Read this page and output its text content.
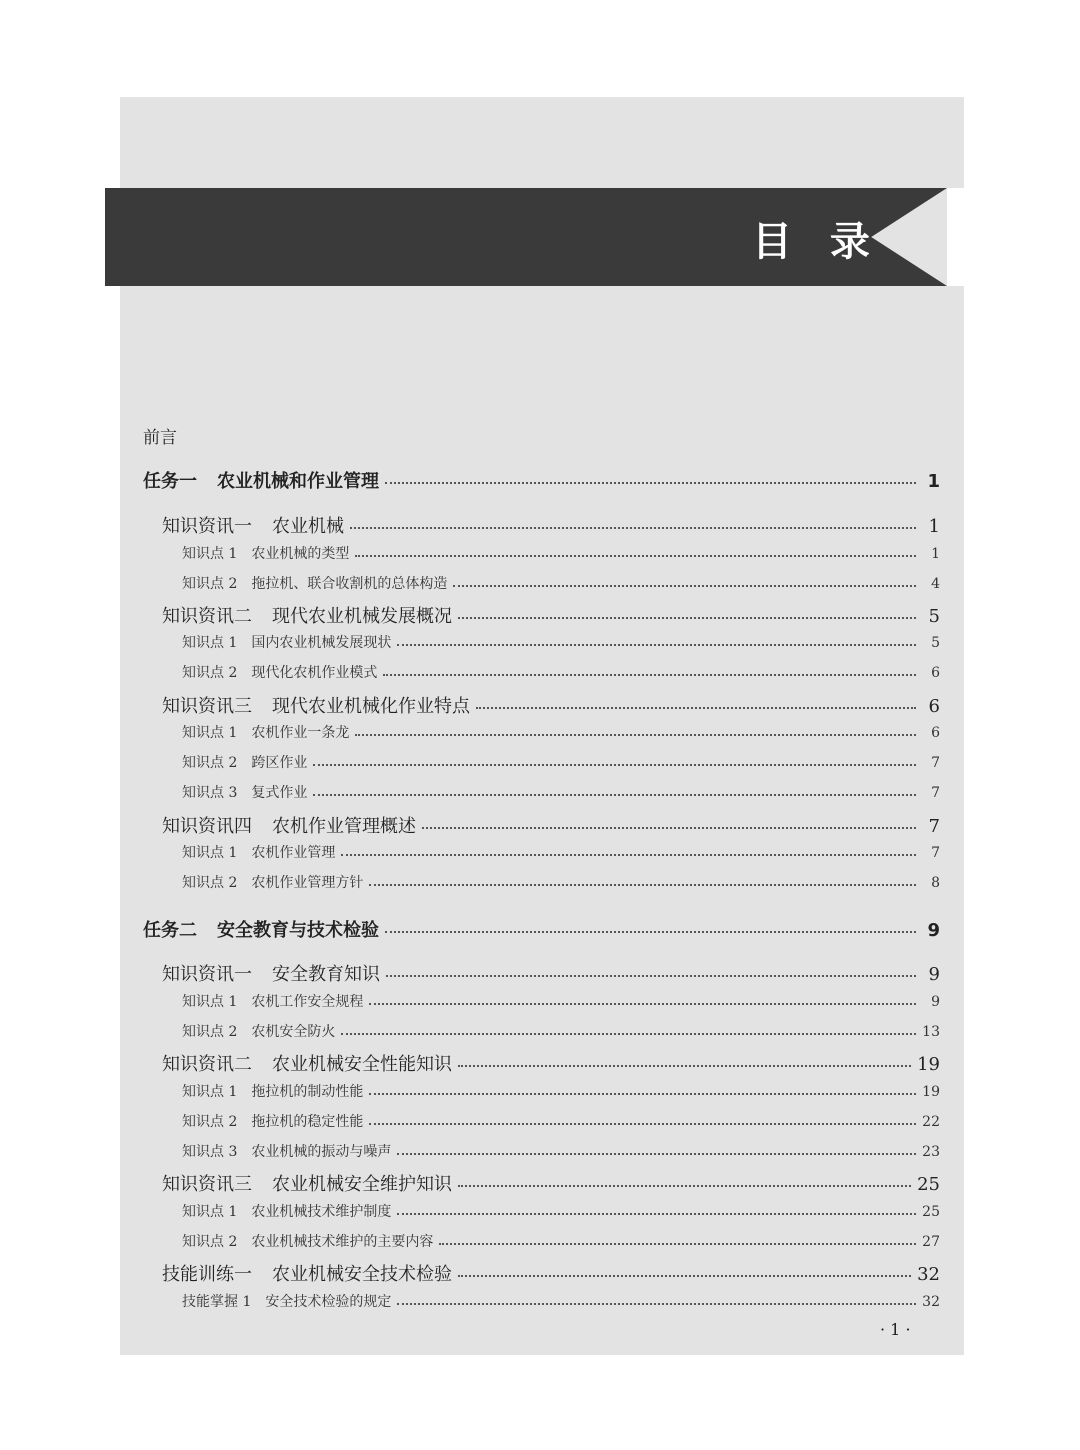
目 录
前言
任务一 农业机械和作业管理	1
知识资讯一 农业机械	1
知识点 1 农业机械的类型	1
知识点 2 拖拉机、联合收割机的总体构造	4
知识资讯二 现代农业机械发展概况	5
知识点 1 国内农业机械发展现状	5
知识点 2 现代化农机作业模式	6
知识资讯三 现代农业机械化作业特点	6
知识点 1 农机作业一条龙	6
知识点 2 跨区作业	7
知识点 3 复式作业	7
知识资讯四 农机作业管理概述	7
知识点 1 农机作业管理	7
知识点 2 农机作业管理方针	8
任务二 安全教育与技术检验	9
知识资讯一 安全教育知识	9
知识点 1 农机工作安全规程	9
知识点 2 农机安全防火	13
知识资讯二 农业机械安全性能知识	19
知识点 1 拖拉机的制动性能	19
知识点 2 拖拉机的稳定性能	22
知识点 3 农业机械的振动与噪声	23
知识资讯三 农业机械安全维护知识	25
知识点 1 农业机械技术维护制度	25
知识点 2 农业机械技术维护的主要内容	27
技能训练一 农业机械安全技术检验	32
技能掌握 1 安全技术检验的规定	32
· 1 ·
